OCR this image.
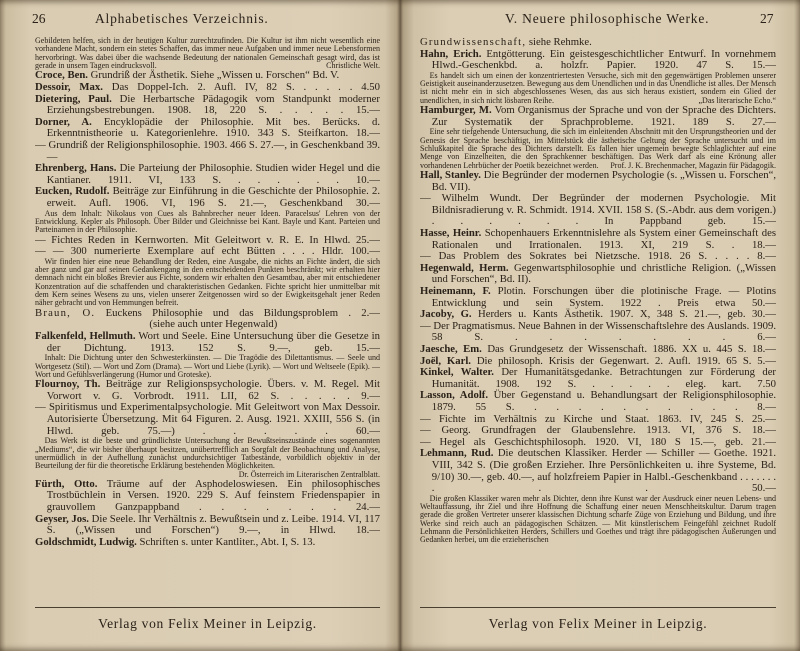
26	Alphabetisches Verzeichnis.

Gebildeten helfen, sich in der heutigen Kultur zurechtzufinden. Die Kultur ist ihm nicht wesentlich eine vorhandene Macht, sondern ein stetes Schaffen, das immer neue Aufgaben und immer neue Lebensformen hervorbringt. Was dabei über die wachsende Bedeutung der nationalen Gemeinschaft gesagt wird, das ist gerade in unsern Tagen eindrucksvoll.	Christliche Welt.

Croce, Ben. Grundriß der Ästhetik. Siehe „Wissen u. Forschen“ Bd. V.

Dessoir, Max. Das Doppel-Ich. 2. Aufl. IV, 82 S. . . . . . 4.50

Dietering, Paul. Die Herbartsche Pädagogik vom Standpunkt moderner Erziehungsbestrebungen. 1908. 18, 220 S. . . . . . 15.—

Dorner, A. Encyklopädie der Philosophie. Mit bes. Berücks. d. Erkenntnistheorie u. Kategorienlehre. 1910. 343 S. Steifkarton. 18.—

— Grundriß der Religionsphilosophie. 1903. 466 S. 27.—, in Geschenkband 39.—

Ehrenberg, Hans. Die Parteiung der Philosophie. Studien wider Hegel und die Kantianer. 1911. VI, 133 S. . . . . . . 10.—

Eucken, Rudolf. Beiträge zur Einführung in die Geschichte der Philosophie. 2. erweit. Aufl. 1906. VI, 196 S. 21.—, Geschenkband 30.—

Aus dem Inhalt: Nikolaus von Cues als Bahnbrecher neuer Ideen. Paracelsus' Lehren von der Entwicklung. Kepler als Philosoph. Über Bilder und Gleichnisse bei Kant. Bayle und Kant. Parteien und Parteinamen in der Philosophie.

— Fichtes Reden in Kernworten. Mit Geleitwort v. R. E. In Hlwd. 25.—

— — 300 numerierte Exemplare auf echt Bütten . . . . Hldr. 100.—

Wir finden hier eine neue Behandlung der Reden, eine Ausgabe, die nichts an Fichte ändert, die sich aber ganz und gar auf seinen Gedankengang in den entscheidenden Punkten beschränkt; wir erhalten hier demnach nicht ein bloßes Brevier aus Fichte, sondern wir erhalten den Gesamtbau, aber mit entschiedener Konzentration auf die schaffenden und charakteristischen Gedanken. Fichte spricht hier unmittelbar mit dem Kern seines Wesens zu uns, vielen unserer Zeitgenossen wird so der Ewigkeitsgehalt jener Reden näher gebracht und von Hemmungen befreit.

Braun, O. Euckens Philosophie und das Bildungsproblem . 2.—
(siehe auch unter Hegenwald)

Falkenfeld, Hellmuth. Wort und Seele. Eine Untersuchung über die Gesetze in der Dichtung. 1913. 152 S. 9.—, geb. 15.—

Inhalt: Die Dichtung unter den Schwesterkünsten. — Die Tragödie des Dilettantismus. — Seele und Wortgesetz (Stil). — Wort und Zorn (Drama). — Wort und Liebe (Lyrik). — Wort und Weltseele (Epik). — Wort und Gefühlsverlängerung (Humor und Groteske).

Flournoy, Th. Beiträge zur Religionspsychologie. Übers. v. M. Regel. Mit Vorwort v. G. Vorbrodt. 1911. LII, 62 S. . . . . . 9.—

— Spiritismus und Experimentalpsychologie. Mit Geleitwort von Max Dessoir. Autorisierte Übersetzung. Mit 64 Figuren. 2. Ausg. 1921. XXIII, 556 S. (in Hlwd. geb. 75.—) . . . . . 60.—

Das Werk ist die beste und gründlichste Untersuchung der Bewußtseinszustände eines sogenannten „Mediums“, die wir bisher überhaupt besitzen, unübertrefflich an Sorgfalt der Beobachtung und Analyse, unermüdlich in der Aufhellung zunächst undurchsichtiger Tatbestände, vorbildlich objektiv in der Beurteilung der für die theoretische Erklärung bestehenden Möglichkeiten.
Dr. Österreich im Literarischen Zentralblatt.

Fürth, Otto. Träume auf der Asphodeloswiesen. Ein philosophisches Trostbüchlein in Versen. 1920. 229 S. Auf feinstem Friedenspapier in grauvollem Ganzpappband . . . . . . . 24.—

Geyser, Jos. Die Seele. Ihr Verhältnis z. Bewußtsein und z. Leibe. 1914. VI, 117 S. („Wissen und Forschen“) 9.—, in Hlwd. 18.—

Goldschmidt, Ludwig. Schriften s. unter Kantliter., Abt. I, S. 13.

Verlag von Felix Meiner in Leipzig.
V. Neuere philosophische Werke.	27

Grundwissenschaft, siehe Rehmke.

Hahn, Erich. Entgötterung. Ein geistesgeschichtlicher Entwurf. In vornehmem Hlwd.-Geschenkbd. a. holzfr. Papier. 1920. 47 S. 15.—

Es handelt sich um einen der konzentriertesten Versuche, sich mit den gegenwärtigen Problemen unserer Geistigkeit auseinanderzusetzen. Bewegung aus dem Unendlichen und in das Unendliche ist alles. Der Mensch ist nicht mehr ein in sich abgeschlossenes Wesen, das aus sich heraus existiert, sondern ein Glied der unendlichen, in sich nicht lösbaren Reihe.	„Das literarische Echo.“

Hamburger, M. Vom Organismus der Sprache und von der Sprache des Dichters. Zur Systematik der Sprachprobleme. 1921. 189 S. 27.—

Eine sehr tiefgehende Untersuchung, die sich im einleitenden Abschnitt mit den Ursprungstheorien und der Genesis der Sprache beschäftigt, im Mittelstück die ästhetische Geltung der Sprache untersucht und im Schlußkapitel die Sprache des Dichters darstellt. Es fallen hier ungemein bewegte Schlaglichter auf eine Menge von Einzelheiten, die den Sprachkenner beschäftigen. Das Werk darf als eine Krönung aller vorhandenen Lehrbücher der Poetik bezeichnet werden.	Prof. J. K. Brechenmacher, Magazin für Pädagogik.

Hall, Stanley. Die Begründer der modernen Psychologie (s. „Wissen u. Forschen“, Bd. VII).

— Wilhelm Wundt. Der Begründer der modernen Psychologie. Mit Bildnisradierung v. R. Schmidt. 1914. XVII. 158 S. (S.-Abdr. aus dem vorigen.) . . . . . . In Pappband geb. 15.—

Hasse, Heinr. Schopenhauers Erkenntnislehre als System einer Gemeinschaft des Rationalen und Irrationalen. 1913. XI, 219 S. . 18.—

— Das Problem des Sokrates bei Nietzsche. 1918. 26 S. . . . . 8.—

Hegenwald, Herm. Gegenwartsphilosophie und christliche Religion. („Wissen und Forschen“, Bd. II).

Heinemann, F. Plotin. Forschungen über die plotinische Frage. — Plotins Entwicklung und sein System. 1922 . Preis etwa 50.—

Jacoby, G. Herders u. Kants Ästhetik. 1907. X, 348 S. 21.—, geb. 30.—

— Der Pragmatismus. Neue Bahnen in der Wissenschaftslehre des Auslands. 1909. 58 S. . . . . . . . 6.—

Jaesche, Em. Das Grundgesetz der Wissenschaft. 1886. XX u. 445 S. 18.—

Joël, Karl. Die philosoph. Krisis der Gegenwart. 2. Aufl. 1919. 65 S. 5.—

Kinkel, Walter. Der Humanitätsgedanke. Betrachtungen zur Förderung der Humanität. 1908. 192 S. . . . . . eleg. kart. 7.50

Lasson, Adolf. Über Gegenstand u. Behandlungsart der Religionsphilosophie. 1879. 55 S. . . . . . . . . . . 8.—

— Fichte im Verhältnis zu Kirche und Staat. 1863. IV, 245 S. 25.—

— Georg. Grundfragen der Glaubenslehre. 1913. VI, 376 S. 18.—

— Hegel als Geschichtsphilosoph. 1920. VI, 180 S 15.—, geb. 21.—

Lehmann, Rud. Die deutschen Klassiker. Herder — Schiller — Goethe. 1921. VIII, 342 S. (Die großen Erzieher. Ihre Persönlichkeiten u. ihre Systeme, Bd. 9/10) 30.—, geb. 40.—, auf holzfreiem Papier in Halbl.-Geschenkband . . . . . . . . . . 50.—

Die großen Klassiker waren mehr als Dichter, denn ihre Kunst war der Ausdruck einer neuen Lebens- und Weltauffassung, ihr Ziel und ihre Hoffnung die Schaffung einer neuen Menschheitskultur. Darum tragen gerade die großen Vertreter unserer klassischen Dichtung scharfe Züge von Erziehung und Bildung, und ihre Werke sind reich auch an pädagogischen Schätzen. — Mit künstlerischem Feingefühl zeichnet Rudolf Lehmann die Persönlichkeiten Herders, Schillers und Goethes und trägt ihre pädagogischen Äußerungen und Gedanken herbei, um die erzieherischen

Verlag von Felix Meiner in Leipzig.
